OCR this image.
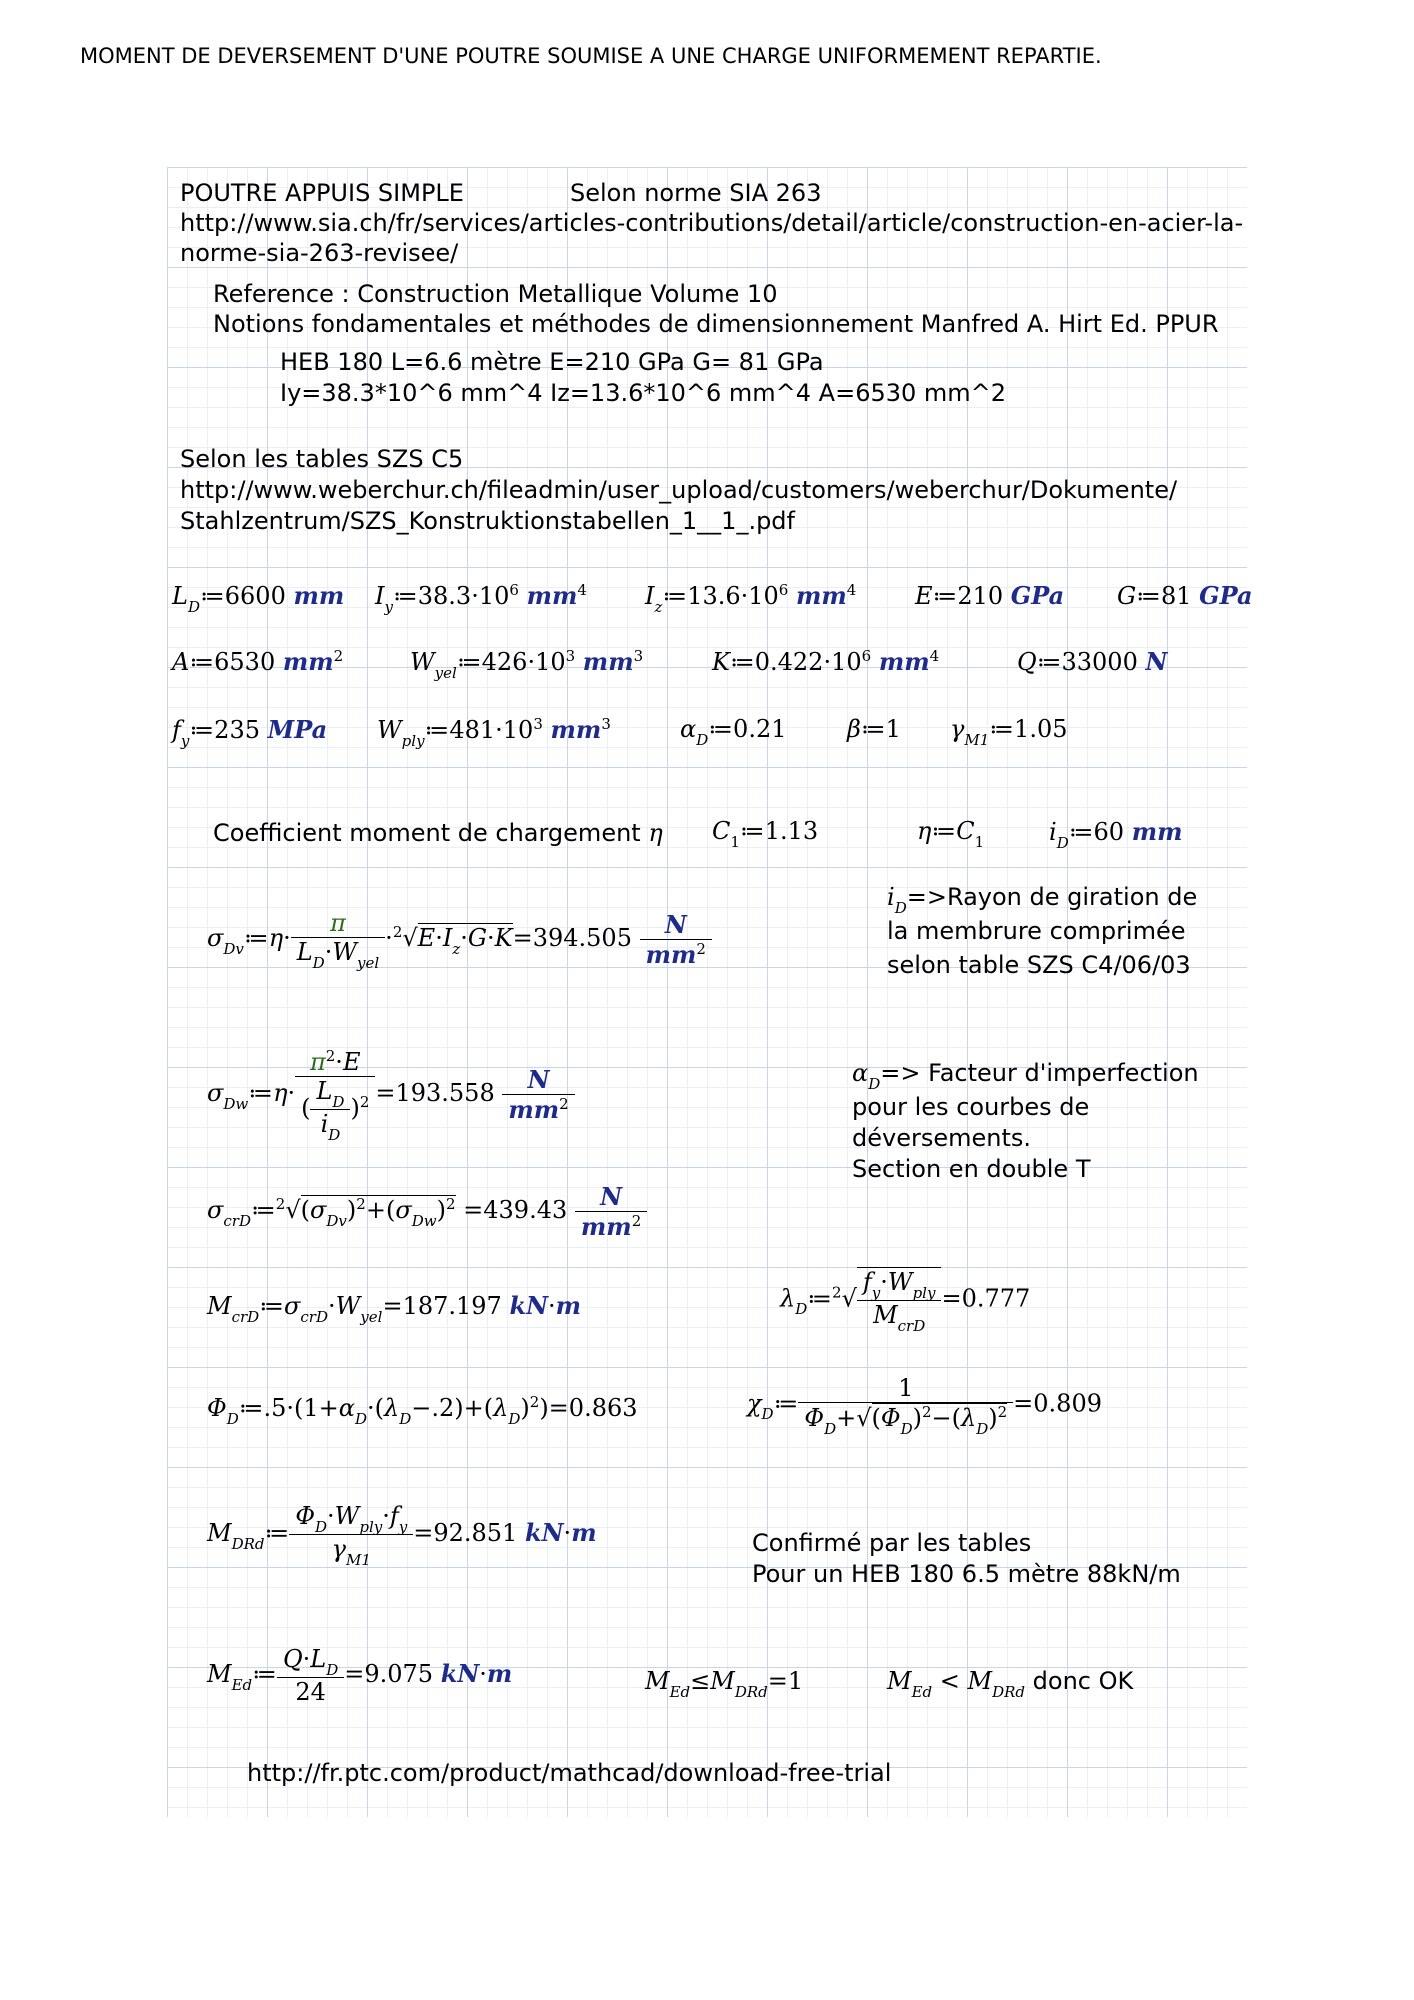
MOMENT DE DEVERSEMENT D'UNE POUTRE SOUMISE A UNE CHARGE UNIFORMEMENT REPARTIE.
POUTRE APPUIS SIMPLE	Selon norme SIA 263
http://www.sia.ch/fr/services/articles-contributions/detail/article/construction-en-acier-la-
norme-sia-263-revisee/
Reference : Construction Metallique Volume 10
Notions fondamentales et méthodes de dimensionnement Manfred A. Hirt Ed. PPUR
HEB 180 L=6.6 mètre E=210 GPa G= 81 GPa
Iy=38.3*10^6 mm^4 Iz=13.6*10^6 mm^4 A=6530 mm^2
Selon les tables SZS C5
http://www.weberchur.ch/fileadmin/user_upload/customers/weberchur/Dokumente/
Stahlzentrum/SZS_Konstruktionstabellen_1__1_.pdf
$L_D≔6600$ mm $I_y≔38.3\cdot 10^6$ $mm^4$ $I_z≔13.6\cdot 10^6$ $mm^4$ E≔210 GPa G≔81 GPa
A≔6530 $mm^2$	$W_{yel}≔426\cdot 10^3$ $mm^3$	$K≔0.422\cdot 10^6$ $mm^4$	Q≔33000 N
$f_y≔235$ MPa $W_{ply}≔481\cdot 10^3$ $mm^3$	$\alpha_D≔0.21$	β≔1 $\gamma_{M1}≔1.05$
Coefficient moment de chargement η $C_1≔1.13$	$\eta≔C_1$	$i_D≔60$ mm
$\sigma_{Dv}≔\eta\cdot \frac{\pi}{L_D\cdot W_{yel}} \cdot^2√E\cdot I_z\cdot G\cdot K=394.505 \frac{N}{mm^2}$
$i_D=>Rayon$ de giration de
la membrure comprimée
selon table SZS C4/06/03
$\sigma_{Dw}≔\eta\cdot \frac{\pi^2\cdot E}{( \frac{L_D}{i_D} )^2} =193.558 \frac{N}{mm^2}$	$\alpha_D=>$ Facteur d'imperfection
pour les courbes de
déversements.
Section en double T
$\sigma_{crD}≔^2√(\sigma_{Dv})^2+(\sigma_{Dw})^2 =439.43 \frac{N}{mm^2}$
$M_{crD}≔\sigma_{crD}\cdot W_{yel}=187.197$ kN·m	$\lambda_D≔^2√ \frac{f_y\cdot W_{ply}}{M_{crD}} =0.777$
$\Phi_D≔.5\cdot(1+\alpha_D\cdot(\lambda_D-.2)+(\lambda_D)^2)=0.863$	$\chi_D≔ \frac{1}{\Phi_D+√(\Phi_D)^2-(\lambda_D)^2} =0.809$
$M_{DRd}≔ \frac{\Phi_D\cdot W_{ply}\cdot f_y}{\gamma_{M1}} =92.851$ kN·m	Confirmé par les tables
Pour un HEB 180 6.5 mètre 88kN/m
$M_{Ed}≔ \frac{Q\cdot L_D}{24} =9.075$ kN·m	$M_{Ed}\le M_{DRd}=1$	$M_{Ed} < M_{DRd}$ donc OK
http://fr.ptc.com/product/mathcad/download-free-trial
